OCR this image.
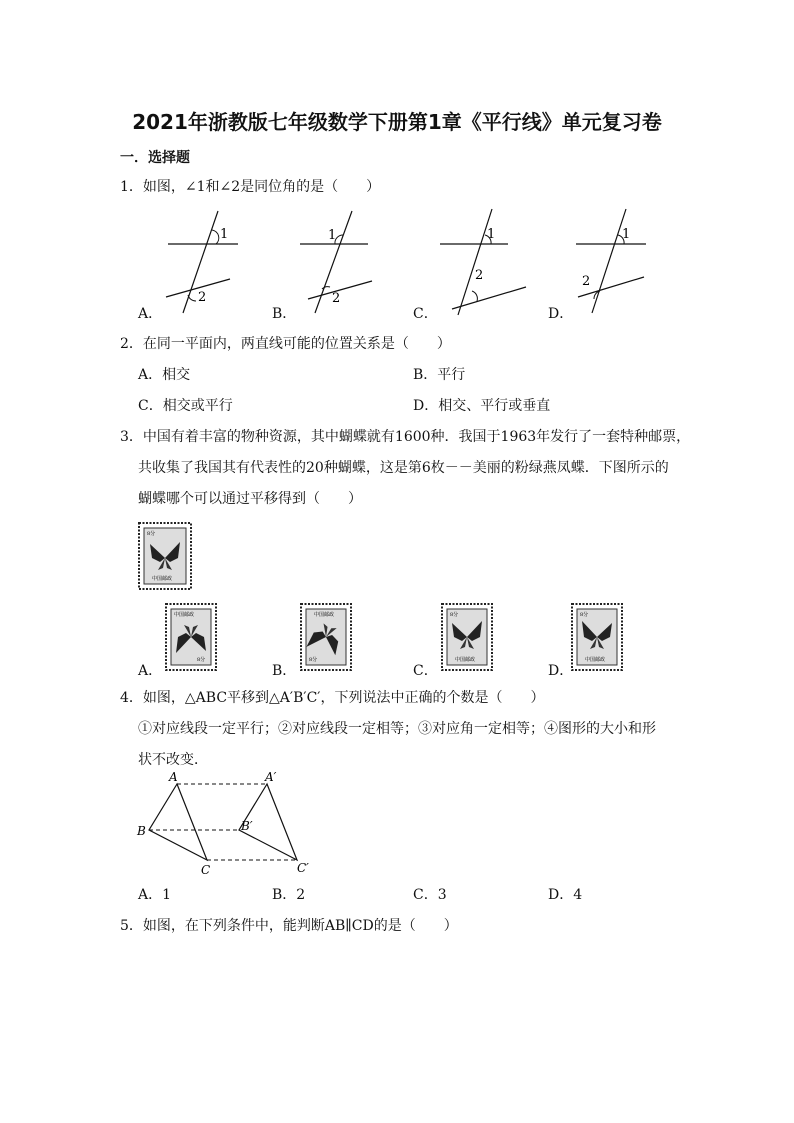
2021年浙教版七年级数学下册第1章《平行线》单元复习卷
一．选择题
1．如图，∠1和∠2是同位角的是（　　）
1
2
1
2
1
2
1
2
A．	B．	C．	D．
2．在同一平面内，两直线可能的位置关系是（　　）
A．相交	B．平行
C．相交或平行	D．相交、平行或垂直
3．中国有着丰富的物种资源，其中蝴蝶就有1600种．我国于1963年发行了一套特种邮票，
共收集了我国其有代表性的20种蝴蝶，这是第6枚－－美丽的粉绿燕凤蝶．下图所示的
蝴蝶哪个可以通过平移得到（　　）
8分
中国邮政
中国邮政
8分
中国邮政
8分
8分
中国邮政
8分
中国邮政
A．	B．	C．	D．
4．如图，△ABC平移到△A′B′C′，下列说法中正确的个数是（　　）
①对应线段一定平行；②对应线段一定相等；③对应角一定相等；④图形的大小和形
状不改变．
A
B
C
A′
B′
C′
A．1	B．2	C．3	D．4
5．如图，在下列条件中，能判断AB∥CD的是（　　）
